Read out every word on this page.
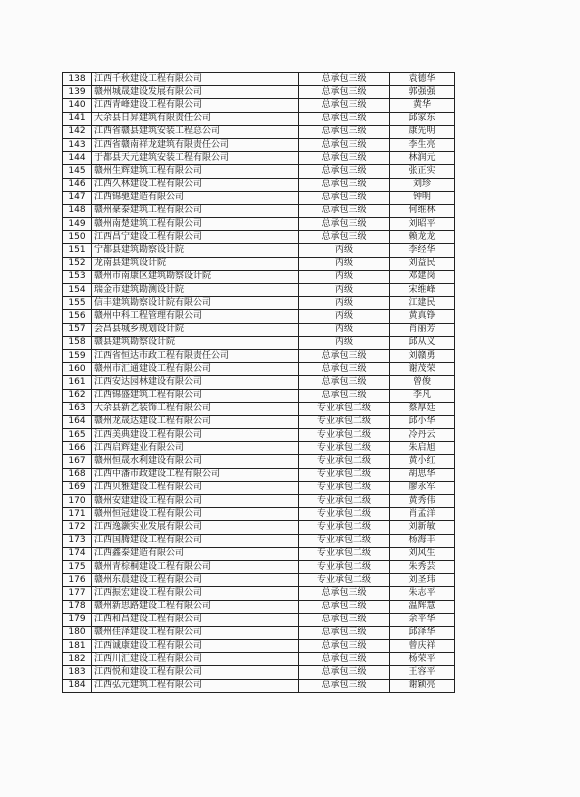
138	江西千秋建设工程有限公司	总承包三级	袁德华
139	赣州城晟建设发展有限公司	总承包三级	郭强强
140	江西青峰建设工程有限公司	总承包三级	黄华
141	大余县日昇建筑有限责任公司	总承包三级	邱家东
142	江西省赣县建筑安装工程总公司	总承包三级	康先明
143	江西省赣南祥龙建筑有限责任公司	总承包三级	李生亮
144	于都县天元建筑安装工程有限公司	总承包三级	林润元
145	赣州生辉建筑工程有限公司	总承包三级	张正实
146	江西久林建设工程有限公司	总承包三级	刘珍
147	江西锦驰建造有限公司	总承包三级	钟明
148	赣州豪泰建筑工程有限公司	总承包三级	何维林
149	赣州南楚建筑工程有限公司	总承包三级	刘昭平
150	江西昌宁建设工程有限公司	总承包三级	赖龙龙
151	宁都县建筑勘察设计院	丙级	李经华
152	龙南县建筑设计院	丙级	刘益民
153	赣州市南康区建筑勘察设计院	丙级	邓建岗
154	瑞金市建筑勘测设计院	丙级	宋维峰
155	信丰建筑勘察设计院有限公司	丙级	江建民
156	赣州中科工程管理有限公司	丙级	黄真铮
157	会昌县城乡规划设计院	丙级	肖丽芳
158	赣县建筑勘察设计院	丙级	邱从义
159	江西省恒达市政工程有限责任公司	总承包三级	刘赣勇
160	赣州市汇通建设工程有限公司	总承包三级	谢茂荣
161	江西安达园林建设有限公司	总承包三级	曾俊
162	江西锦盛建筑工程有限公司	总承包三级	李凡
163	大余县新艺装饰工程有限公司	专业承包二级	蔡厚廷
164	赣州龙晟达建设工程有限公司	专业承包二级	邱小华
165	江西美典建设工程有限公司	专业承包二级	冷丹云
166	江西启辉建业有限公司	专业承包二级	朱启旭
167	赣州恒晟水利建设有限公司	专业承包二级	黄小红
168	江西中潘市政建设工程有限公司	专业承包二级	胡思华
169	江西贝雅建设工程有限公司	专业承包二级	廖永军
170	赣州安建建设工程有限公司	专业承包二级	黄秀伟
171	赣州恒冠建设工程有限公司	专业承包二级	肖孟洋
172	江西逸灏实业发展有限公司	专业承包二级	刘新敏
173	江西国腾建设工程有限公司	专业承包二级	杨海丰
174	江西鑫泰建造有限公司	专业承包二级	刘风生
175	赣州青棕桐建设工程有限公司	专业承包二级	朱秀芸
176	赣州东晨建设工程有限公司	专业承包二级	刘圣玮
177	江西振宏建设工程有限公司	总承包三级	朱志平
178	赣州新思路建设工程有限公司	总承包三级	温辉慧
179	江西和昌建设工程有限公司	总承包三级	余平华
180	赣州佳泽建设工程有限公司	总承包三级	邱泽华
181	江西诚康建设工程有限公司	总承包三级	曾庆祥
182	江西川汇建设工程有限公司	总承包三级	杨荣平
183	江西悦和建设工程有限公司	总承包三级	王容平
184	江西弘元建筑工程有限公司	总承包三级	谢颖亮
